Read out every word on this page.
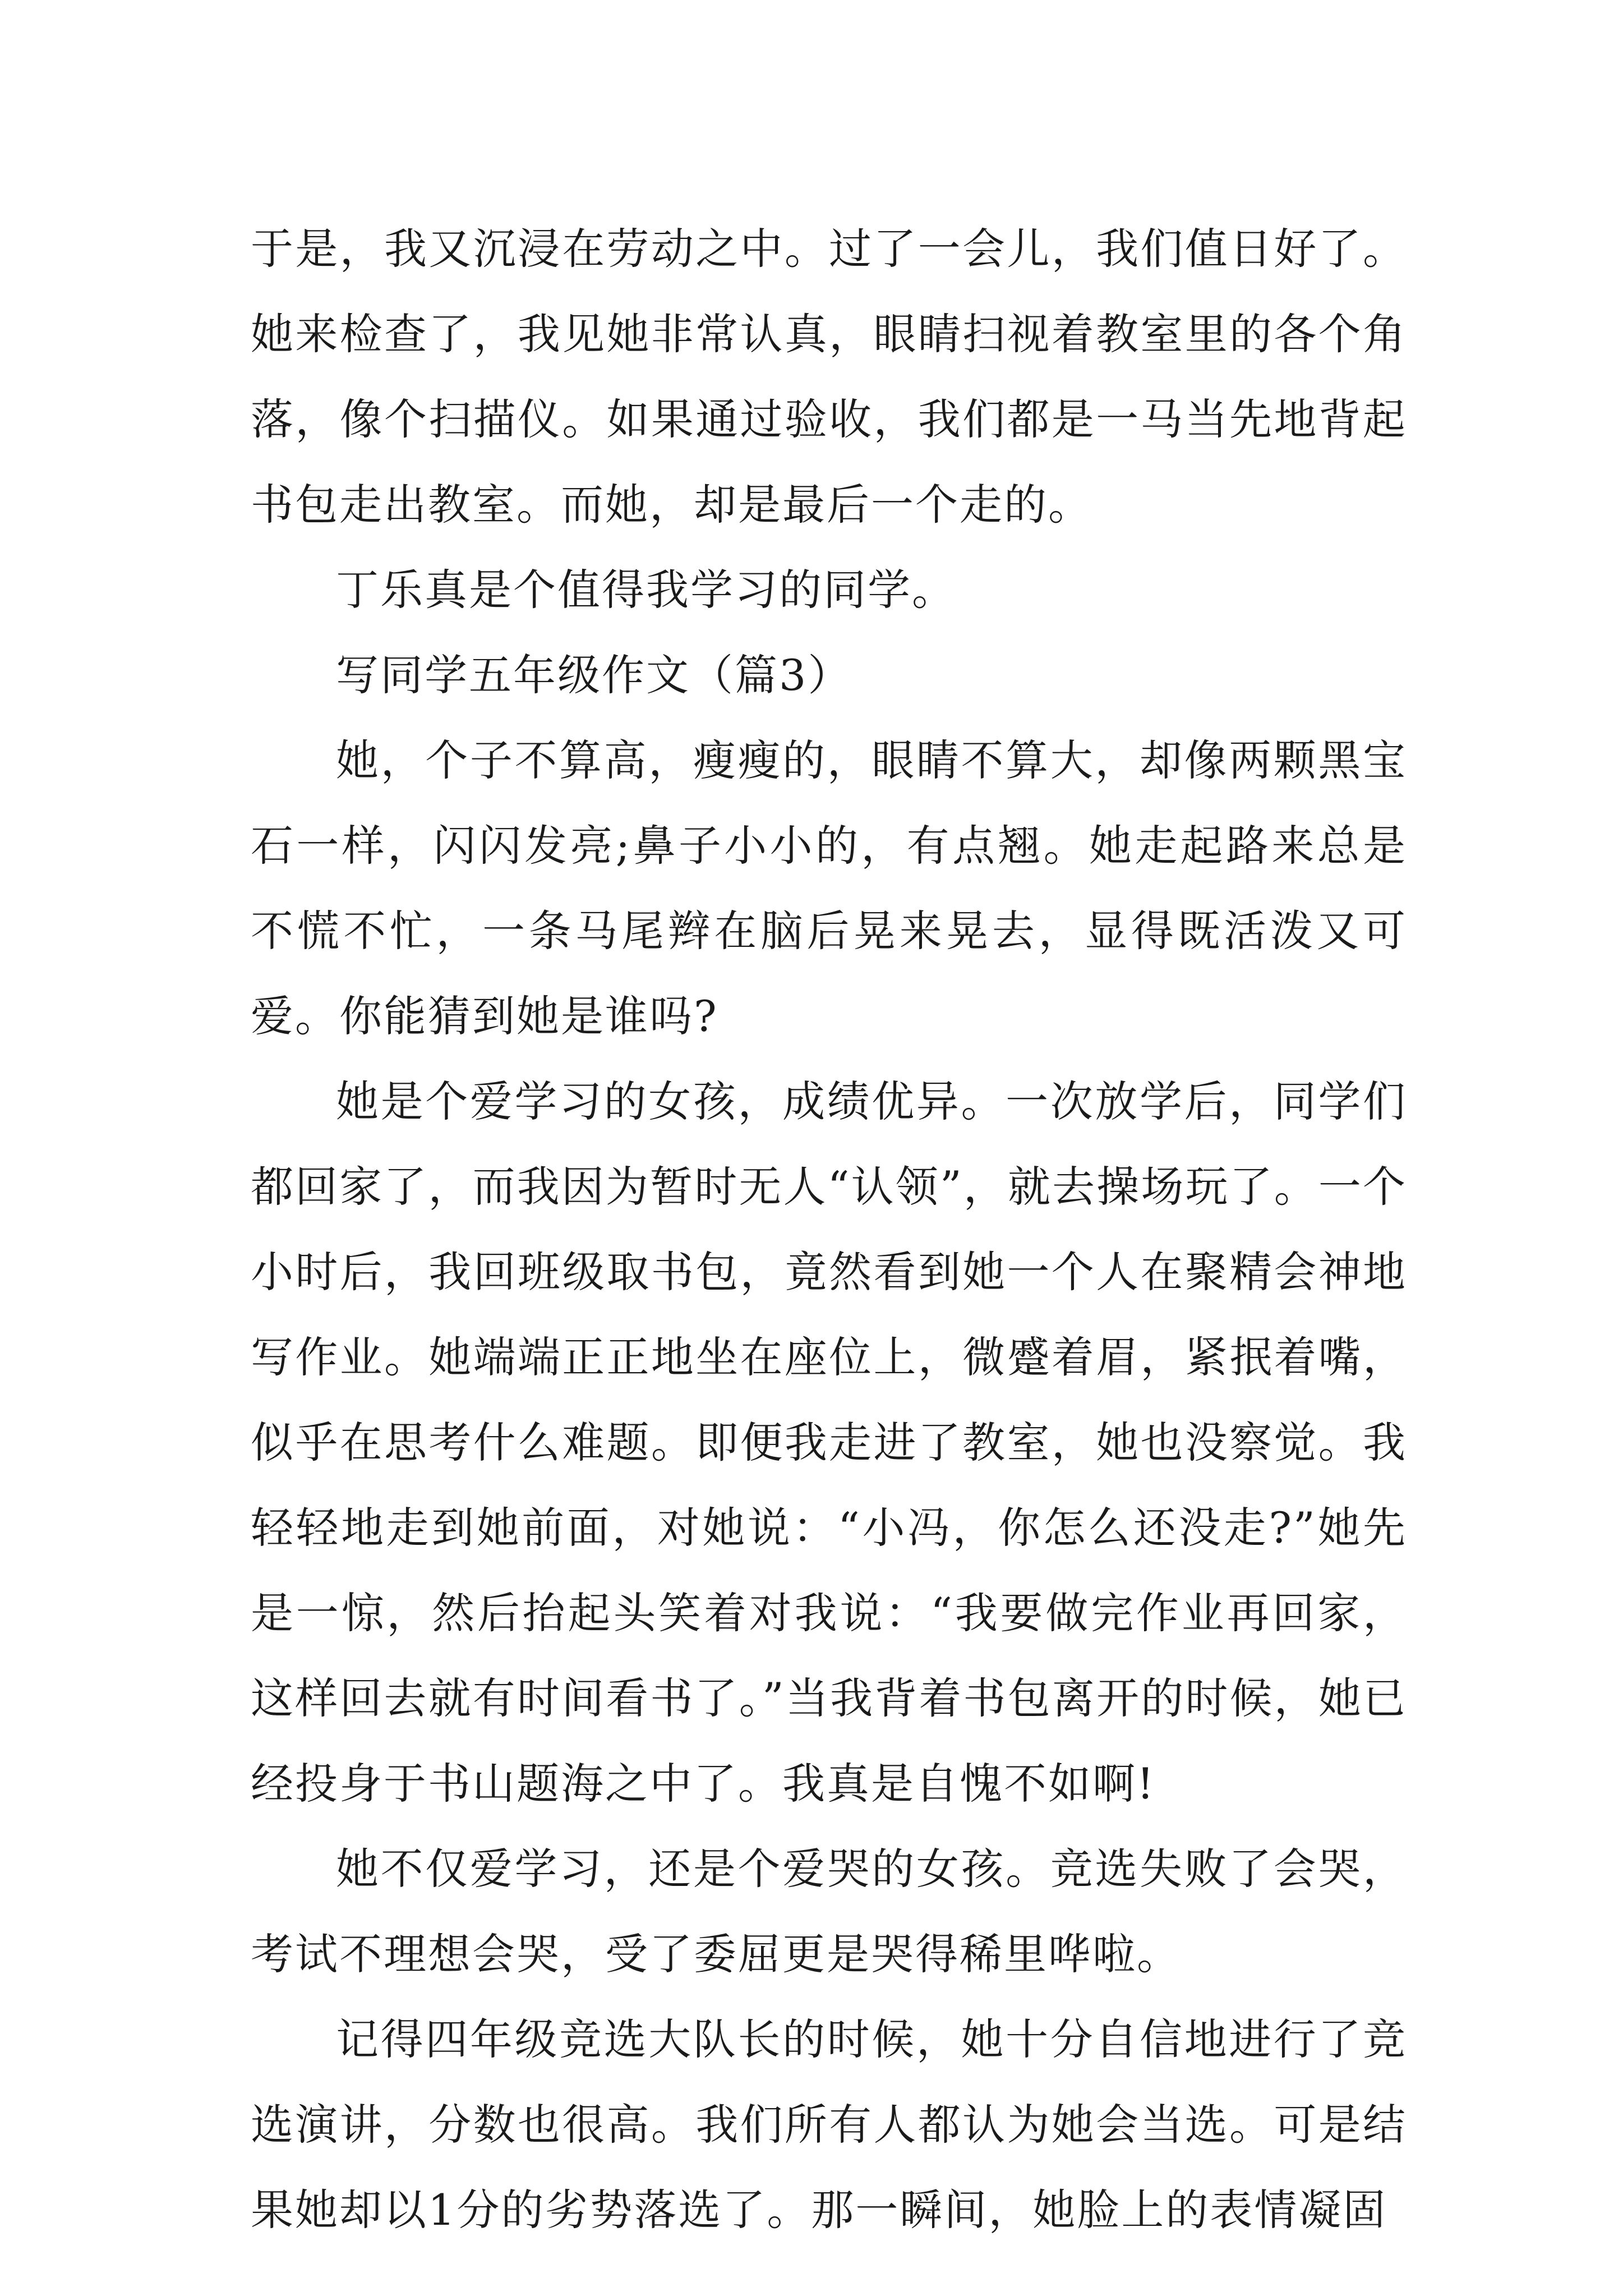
于是，我又沉浸在劳动之中。过了一会儿，我们值日好了。她来检查了，我见她非常认真，眼睛扫视着教室里的各个角落，像个扫描仪。如果通过验收，我们都是一马当先地背起书包走出教室。而她，却是最后一个走的。

丁乐真是个值得我学习的同学。

写同学五年级作文（篇3）

她，个子不算高，瘦瘦的，眼睛不算大，却像两颗黑宝石一样，闪闪发亮;鼻子小小的，有点翘。她走起路来总是不慌不忙，一条马尾辫在脑后晃来晃去，显得既活泼又可爱。你能猜到她是谁吗?

她是个爱学习的女孩，成绩优异。一次放学后，同学们都回家了，而我因为暂时无人“认领”，就去操场玩了。一个小时后，我回班级取书包，竟然看到她一个人在聚精会神地写作业。她端端正正地坐在座位上，微蹙着眉，紧抿着嘴，似乎在思考什么难题。即便我走进了教室，她也没察觉。我轻轻地走到她前面，对她说：“小冯，你怎么还没走?”她先是一惊，然后抬起头笑着对我说：“我要做完作业再回家，这样回去就有时间看书了。”当我背着书包离开的时候，她已经投身于书山题海之中了。我真是自愧不如啊!

她不仅爱学习，还是个爱哭的女孩。竞选失败了会哭，考试不理想会哭，受了委屈更是哭得稀里哗啦。

记得四年级竞选大队长的时候，她十分自信地进行了竞选演讲，分数也很高。我们所有人都认为她会当选。可是结果她却以1分的劣势落选了。那一瞬间，她脸上的表情凝固
